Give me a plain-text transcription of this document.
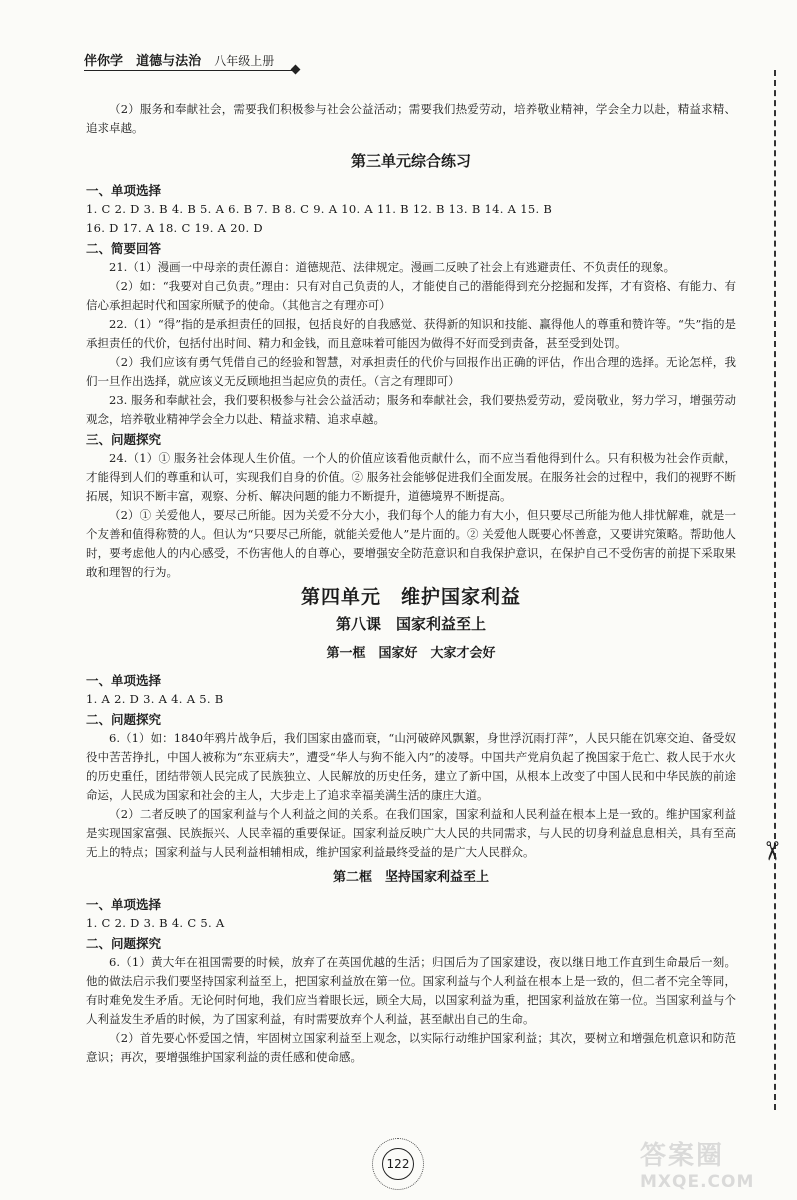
伴你学 道德与法治 八年级上册

（2）服务和奉献社会，需要我们积极参与社会公益活动；需要我们热爱劳动，培养敬业精神，学会全力以赴，精益求精、追求卓越。

第三单元综合练习
一、单项选择

1. C 2. D 3. B 4. B 5. A 6. B 7. B 8. C 9. A 10. A 11. B 12. B 13. B 14. A 15. B

16. D 17. A 18. C 19. A 20. D

二、简要回答

21.（1）漫画一中母亲的责任源自：道德规范、法律规定。漫画二反映了社会上有逃避责任、不负责任的现象。

（2）如：“我要对自己负责。”理由：只有对自己负责的人，才能使自己的潜能得到充分挖掘和发挥，才有资格、有能力、有信心承担起时代和国家所赋予的使命。（其他言之有理亦可）

22.（1）“得”指的是承担责任的回报，包括良好的自我感觉、获得新的知识和技能、赢得他人的尊重和赞许等。“失”指的是承担责任的代价，包括付出时间、精力和金钱，而且意味着可能因为做得不好而受到责备，甚至受到处罚。

（2）我们应该有勇气凭借自己的经验和智慧，对承担责任的代价与回报作出正确的评估，作出合理的选择。无论怎样，我们一旦作出选择，就应该义无反顾地担当起应负的责任。（言之有理即可）

23. 服务和奉献社会，我们要积极参与社会公益活动；服务和奉献社会，我们要热爱劳动，爱岗敬业，努力学习，增强劳动观念，培养敬业精神学会全力以赴、精益求精、追求卓越。

三、问题探究

24.（1）① 服务社会体现人生价值。一个人的价值应该看他贡献什么，而不应当看他得到什么。只有积极为社会作贡献，才能得到人们的尊重和认可，实现我们自身的价值。② 服务社会能够促进我们全面发展。在服务社会的过程中，我们的视野不断拓展，知识不断丰富，观察、分析、解决问题的能力不断提升，道德境界不断提高。

（2）① 关爱他人，要尽己所能。因为关爱不分大小，我们每个人的能力有大小，但只要尽己所能为他人排忧解难，就是一个友善和值得称赞的人。但认为“只要尽己所能，就能关爱他人”是片面的。② 关爱他人既要心怀善意，又要讲究策略。帮助他人时，要考虑他人的内心感受，不伤害他人的自尊心，要增强安全防范意识和自我保护意识，在保护自己不受伤害的前提下采取果敢和理智的行为。

第四单元　维护国家利益
第八课　国家利益至上
第一框　国家好　大家才会好
一、单项选择

1. A 2. D 3. A 4. A 5. B

二、问题探究

6.（1）如：1840年鸦片战争后，我们国家由盛而衰，“山河破碎风飘絮，身世浮沉雨打萍”，人民只能在饥寒交迫、备受奴役中苦苦挣扎，中国人被称为“东亚病夫”，遭受“华人与狗不能入内”的凌辱。中国共产党肩负起了挽国家于危亡、救人民于水火的历史重任，团结带领人民完成了民族独立、人民解放的历史任务，建立了新中国，从根本上改变了中国人民和中华民族的前途命运，人民成为国家和社会的主人，大步走上了追求幸福美满生活的康庄大道。

（2）二者反映了的国家利益与个人利益之间的关系。在我们国家，国家利益和人民利益在根本上是一致的。维护国家利益是实现国家富强、民族振兴、人民幸福的重要保证。国家利益反映广大人民的共同需求，与人民的切身利益息息相关，具有至高无上的特点；国家利益与人民利益相辅相成，维护国家利益最终受益的是广大人民群众。

第二框　坚持国家利益至上
一、单项选择

1. C 2. D 3. B 4. C 5. A

二、问题探究

6.（1）黄大年在祖国需要的时候，放弃了在英国优越的生活；归国后为了国家建设，夜以继日地工作直到生命最后一刻。他的做法启示我们要坚持国家利益至上，把国家利益放在第一位。国家利益与个人利益在根本上是一致的，但二者不完全等同，有时难免发生矛盾。无论何时何地，我们应当着眼长远，顾全大局，以国家利益为重，把国家利益放在第一位。当国家利益与个人利益发生矛盾的时候，为了国家利益，有时需要放弃个人利益，甚至献出自己的生命。

（2）首先要心怀爱国之情，牢固树立国家利益至上观念，以实际行动维护国家利益；其次，要树立和增强危机意识和防范意识；再次，要增强维护国家利益的责任感和使命感。

✂
122	答案圈
MXQE.COM
